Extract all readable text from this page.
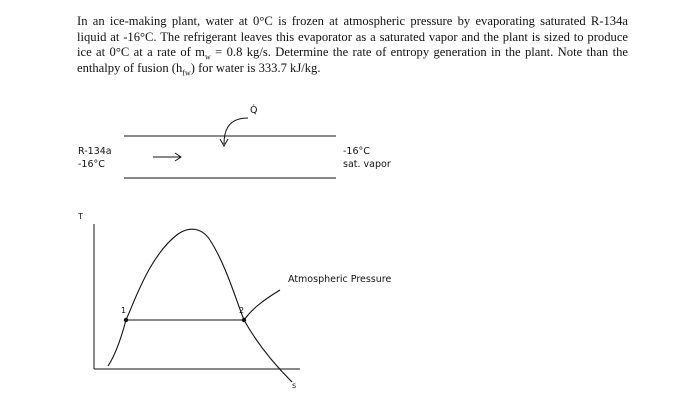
In an ice-making plant, water at 0°C is frozen at atmospheric pressure by evaporating saturated R-134a liquid at -16°C. The refrigerant leaves this evaporator as a saturated vapor and the plant is sized to produce ice at 0°C at a rate of $m_w = 0.8$ kg/s. Determine the rate of entropy generation in the plant. Note than the enthalpy of fusion $(h_{fw})$ for water is 333.7 kJ/kg.

Q̇
R-134a
-16°C
-16°C
sat. vapor
T
s
Atmospheric Pressure
1	2
